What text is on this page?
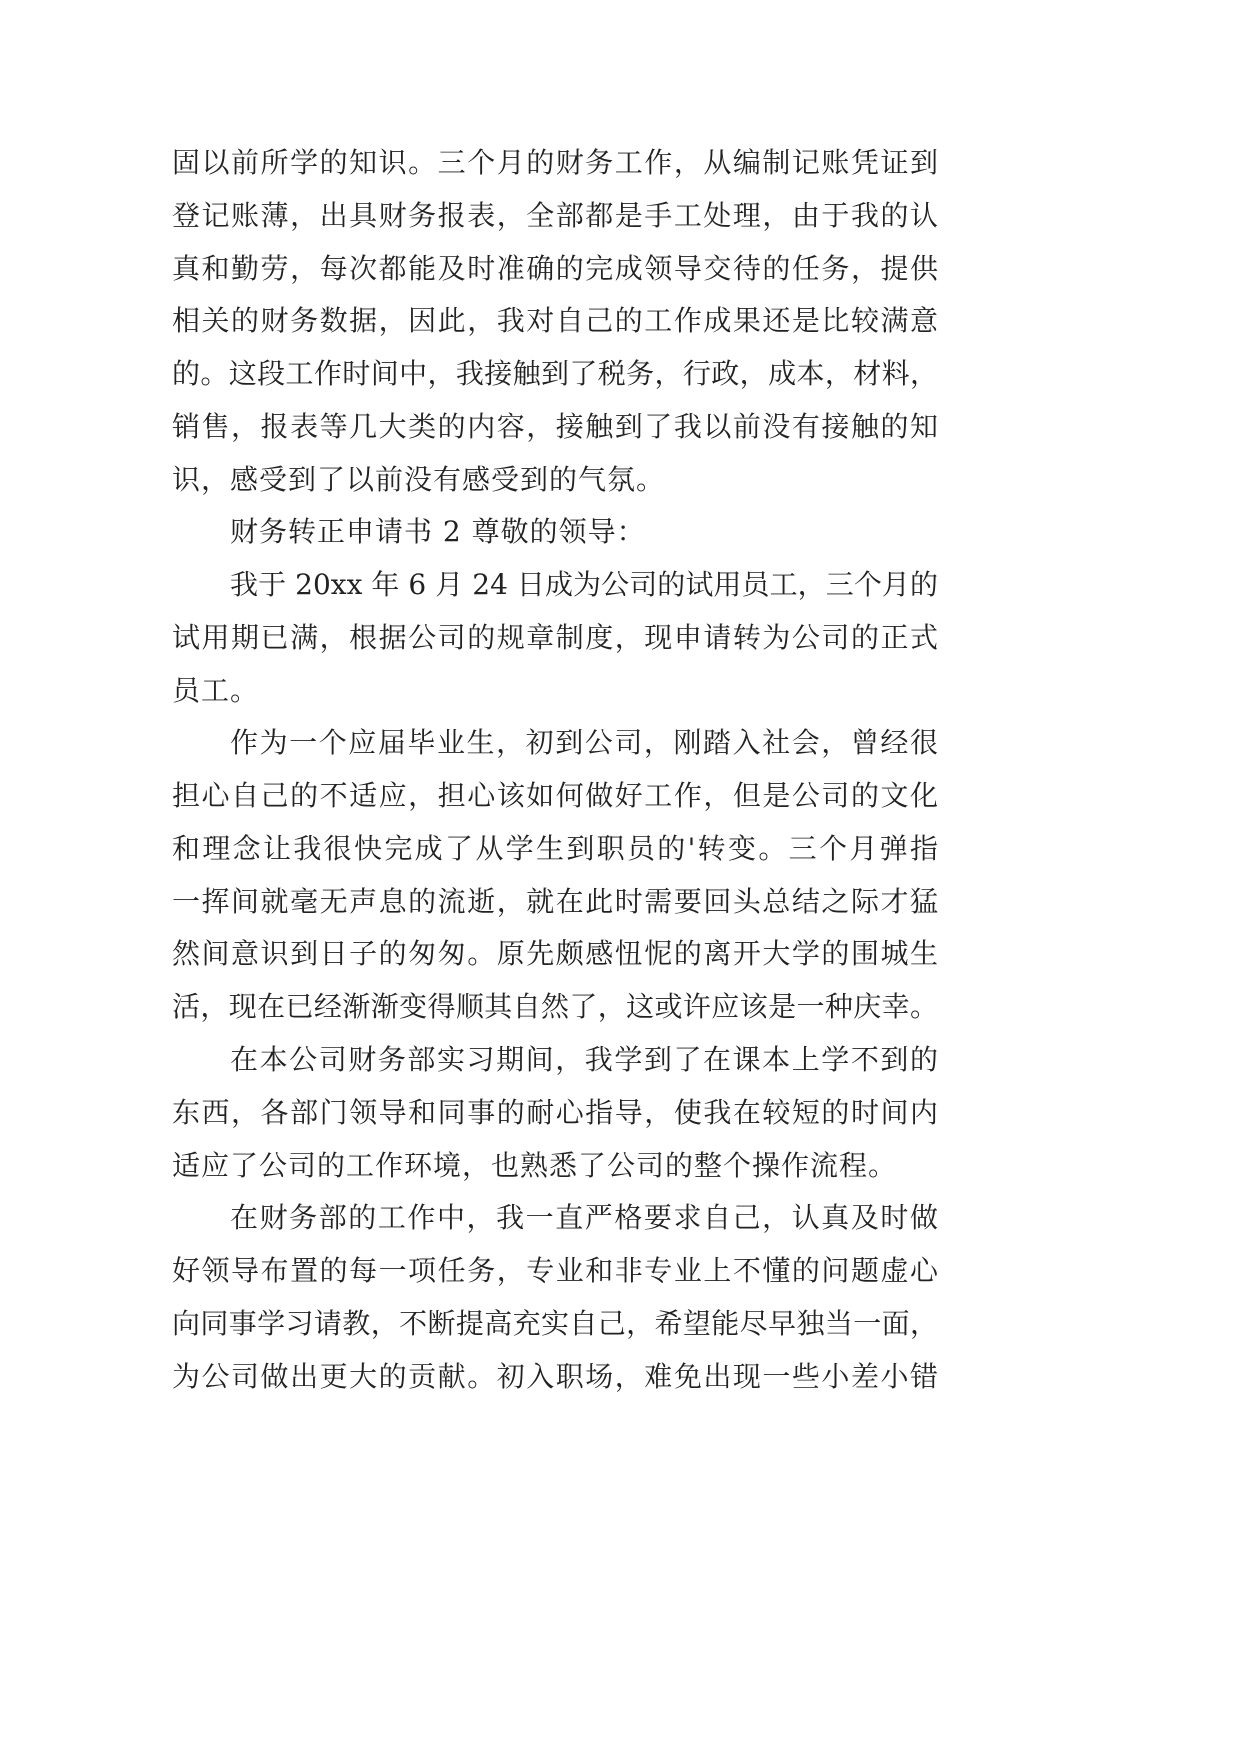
固以前所学的知识。三个月的财务工作，从编制记账凭证到
登记账薄，出具财务报表，全部都是手工处理，由于我的认
真和勤劳，每次都能及时准确的完成领导交待的任务，提供
相关的财务数据，因此，我对自己的工作成果还是比较满意
的。这段工作时间中，我接触到了税务，行政，成本，材料，
销售，报表等几大类的内容，接触到了我以前没有接触的知
识，感受到了以前没有感受到的气氛。
财务转正申请书 2 尊敬的领导：
我于 20xx 年 6 月 24 日成为公司的试用员工，三个月的
试用期已满，根据公司的规章制度，现申请转为公司的正式
员工。
作为一个应届毕业生，初到公司，刚踏入社会，曾经很
担心自己的不适应，担心该如何做好工作，但是公司的文化
和理念让我很快完成了从学生到职员的'转变。三个月弹指
一挥间就毫无声息的流逝，就在此时需要回头总结之际才猛
然间意识到日子的匆匆。原先颇感忸怩的离开大学的围城生
活，现在已经渐渐变得顺其自然了，这或许应该是一种庆幸。
在本公司财务部实习期间，我学到了在课本上学不到的
东西，各部门领导和同事的耐心指导，使我在较短的时间内
适应了公司的工作环境，也熟悉了公司的整个操作流程。
在财务部的工作中，我一直严格要求自己，认真及时做
好领导布置的每一项任务，专业和非专业上不懂的问题虚心
向同事学习请教，不断提高充实自己，希望能尽早独当一面，
为公司做出更大的贡献。初入职场，难免出现一些小差小错
